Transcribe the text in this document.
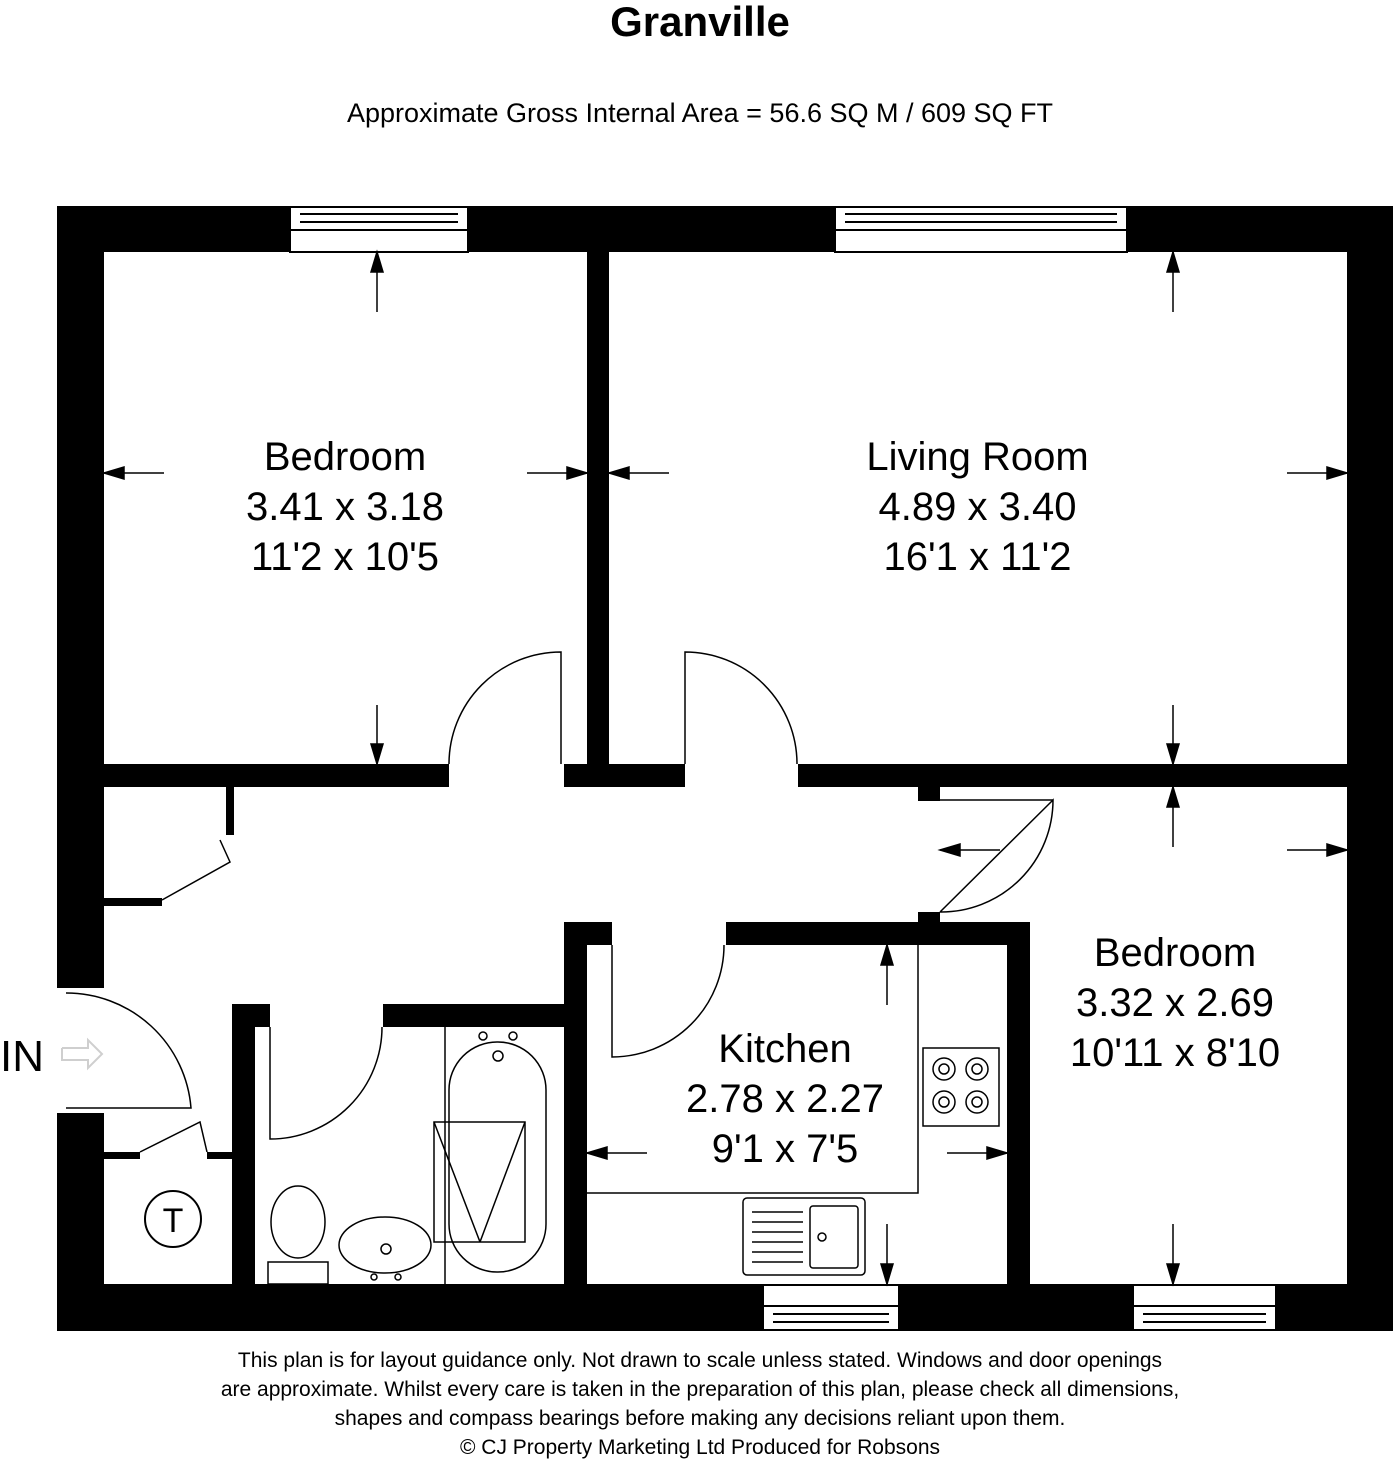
Granville
Approximate Gross Internal Area = 56.6 SQ M / 609 SQ FT
T
Bedroom
3.41 x 3.18
11'2 x 10'5
Living Room
4.89 x 3.40
16'1 x 11'2
Bedroom
3.32 x 2.69
10'11 x 8'10
Kitchen
2.78 x 2.27
9'1 x 7'5
IN
This plan is for layout guidance only. Not drawn to scale unless stated. Windows and door openings
are approximate. Whilst every care is taken in the preparation of this plan, please check all dimensions,
shapes and compass bearings before making any decisions reliant upon them.
© CJ Property Marketing Ltd Produced for Robsons
